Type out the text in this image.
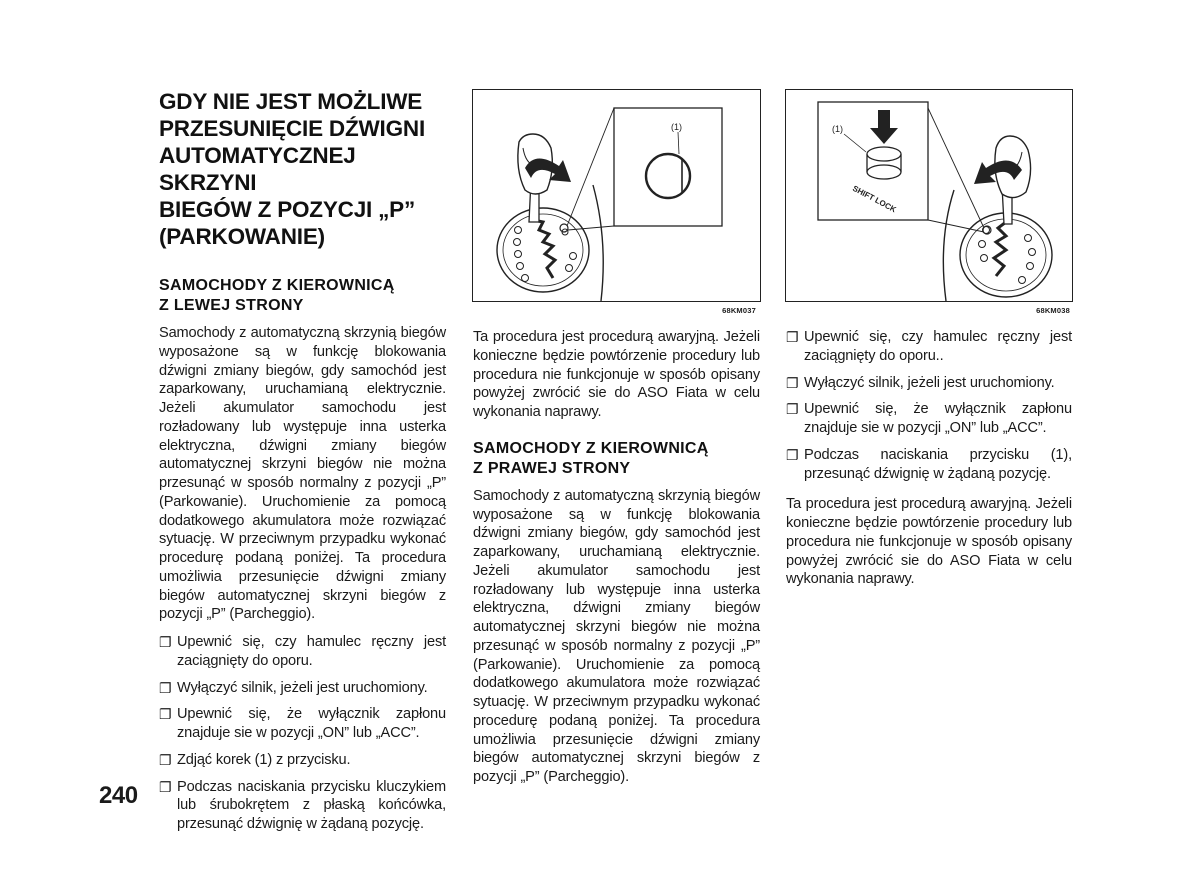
GDY NIE JEST MOŻLIWE
PRZESUNIĘCIE DŹWIGNI
AUTOMATYCZNEJ SKRZYNI
BIEGÓW Z POZYCJI „P”
(PARKOWANIE)
SAMOCHODY Z KIEROWNICĄ
Z LEWEJ STRONY

Samochody z automatyczną skrzynią biegów wyposażone są w funkcję blokowania dźwigni zmiany biegów, gdy samochód jest zaparkowany, uruchamianą elektrycznie. Jeżeli akumulator samochodu jest rozładowany lub występuje inna usterka elektryczna, dźwigni zmiany biegów automatycznej skrzyni biegów nie można przesunąć w sposób normalny z pozycji „P” (Parkowanie). Uruchomienie za pomocą dodatkowego akumulatora może rozwiązać sytuację. W przeciwnym przypadku wykonać procedurę podaną poniżej. Ta procedura umożliwia przesunięcie dźwigni zmiany biegów automatycznej skrzyni biegów z pozycji „P” (Parcheggio).

❐ Upewnić się, czy hamulec ręczny jest zaciągnięty do oporu.
❐ Wyłączyć silnik, jeżeli jest uruchomiony.
❐ Upewnić się, że wyłącznik zapłonu znajduje sie w pozycji „ON” lub „ACC”.
❐ Zdjąć korek (1) z przycisku.
❐ Podczas naciskania przycisku kluczykiem lub śrubokrętem z płaską końcówka, przesunąć dźwignię w żądaną pozycję.
(1)
68KM037

Ta procedura jest procedurą awaryjną. Jeżeli konieczne będzie powtórzenie procedury lub procedura nie funkcjonuje w sposób opisany powyżej zwrócić sie do ASO Fiata w celu wykonania naprawy.

SAMOCHODY Z KIEROWNICĄ
Z PRAWEJ STRONY

Samochody z automatyczną skrzynią biegów wyposażone są w funkcję blokowania dźwigni zmiany biegów, gdy samochód jest zaparkowany, uruchamianą elektrycznie. Jeżeli akumulator samochodu jest rozładowany lub występuje inna usterka elektryczna, dźwigni zmiany biegów automatycznej skrzyni biegów nie można przesunąć w sposób normalny z pozycji „P” (Parkowanie). Uruchomienie za pomocą dodatkowego akumulatora może rozwiązać sytuację. W przeciwnym przypadku wykonać procedurę podaną poniżej. Ta procedura umożliwia przesunięcie dźwigni zmiany biegów automatycznej skrzyni biegów z pozycji „P” (Parcheggio).

(1)
SHIFT LOCK
68KM038
❐ Upewnić się, czy hamulec ręczny jest zaciągnięty do oporu..
❐ Wyłączyć silnik, jeżeli jest uruchomiony.
❐ Upewnić się, że wyłącznik zapłonu znajduje sie w pozycji „ON” lub „ACC”.
❐ Podczas naciskania przycisku (1), przesunąć dźwignię w żądaną pozycję.

Ta procedura jest procedurą awaryjną. Jeżeli konieczne będzie powtórzenie procedury lub procedura nie funkcjonuje w sposób opisany powyżej zwrócić sie do ASO Fiata w celu wykonania naprawy.

240
